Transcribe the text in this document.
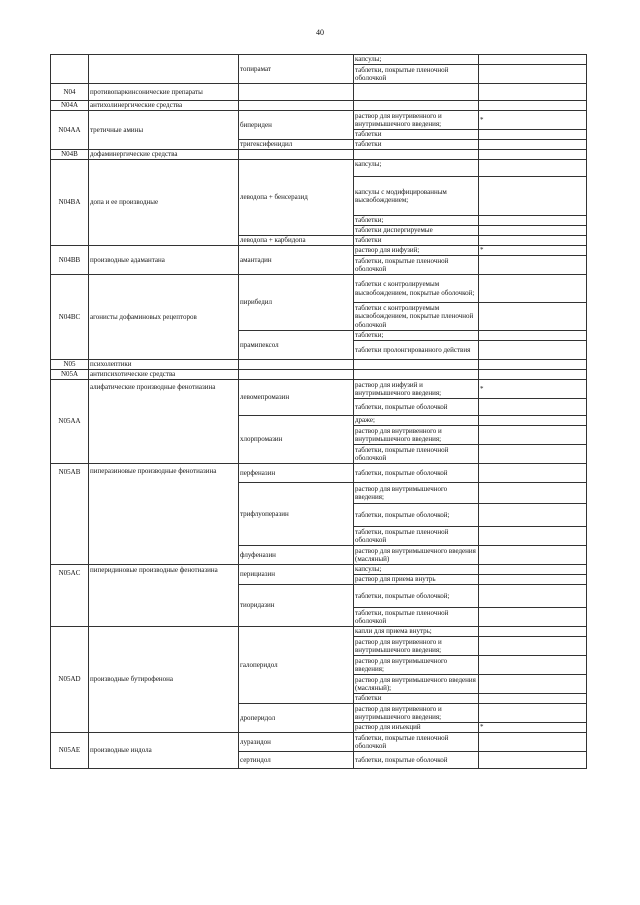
40
		топирамат	капсулы;	
			таблетки, покрытые пленочной оболочкой	
N04	противопаркинсонические препараты			
N04A	антихолинергические средства			
N04AA	третичные амины	бипериден	раствор для внутривенного и внутримышечного введения;	*
			таблетки	
		тригексифенидил	таблетки	
N04B	дофаминергические средства			
N04BA	допа и ее производные	леводопа + бенсеразид	капсулы;	
			капсулы с модифицированным высвобождением;	
			таблетки;	
			таблетки диспергируемые	
		леводопа + карбидопа	таблетки	
N04BB	производные адамантана	амантадин	раствор для инфузий;	*
			таблетки, покрытые пленочной оболочкой	
N04BC	агонисты дофаминовых рецепторов	пирибедил	таблетки с контролируемым высвобождением, покрытые оболочкой;	
			таблетки с контролируемым высвобождением, покрытые пленочной оболочкой	
		прамипексол	таблетки;	
			таблетки пролонгированного действия	
N05	психолептики			
N05A	антипсихотические средства			
N05AA	алифатические производные фенотиазина	левомепромазин	раствор для инфузий и внутримышечного введения;	*
			таблетки, покрытые оболочкой	
		хлорпромазин	драже;	
			раствор для внутривенного и внутримышечного введения;	
			таблетки, покрытые пленочной оболочкой	
N05AB	пиперазиновые производные фенотиазина	перфеназин	таблетки, покрытые оболочкой	
		трифлуоперазин	раствор для внутримышечного введения;	
			таблетки, покрытые оболочкой;	
			таблетки, покрытые пленочной оболочкой	
		флуфеназин	раствор для внутримышечного введения (масляный)	
N05AC	пиперидиновые производные фенотиазина	перициазин	капсулы;	
			раствор для приема внутрь	
		тиоридазин	таблетки, покрытые оболочкой;	
			таблетки, покрытые пленочной оболочкой	
N05AD	производные бутирофенона	галоперидол	капли для приема внутрь;	
			раствор для внутривенного и внутримышечного введения;	
			раствор для внутримышечного введения;	
			раствор для внутримышечного введения (масляный);	
			таблетки	
		дроперидол	раствор для внутривенного и внутримышечного введения;	
			раствор для инъекций	*
N05AE	производные индола	луразидон	таблетки, покрытые пленочной оболочкой	
		сертиндол	таблетки, покрытые оболочкой	
